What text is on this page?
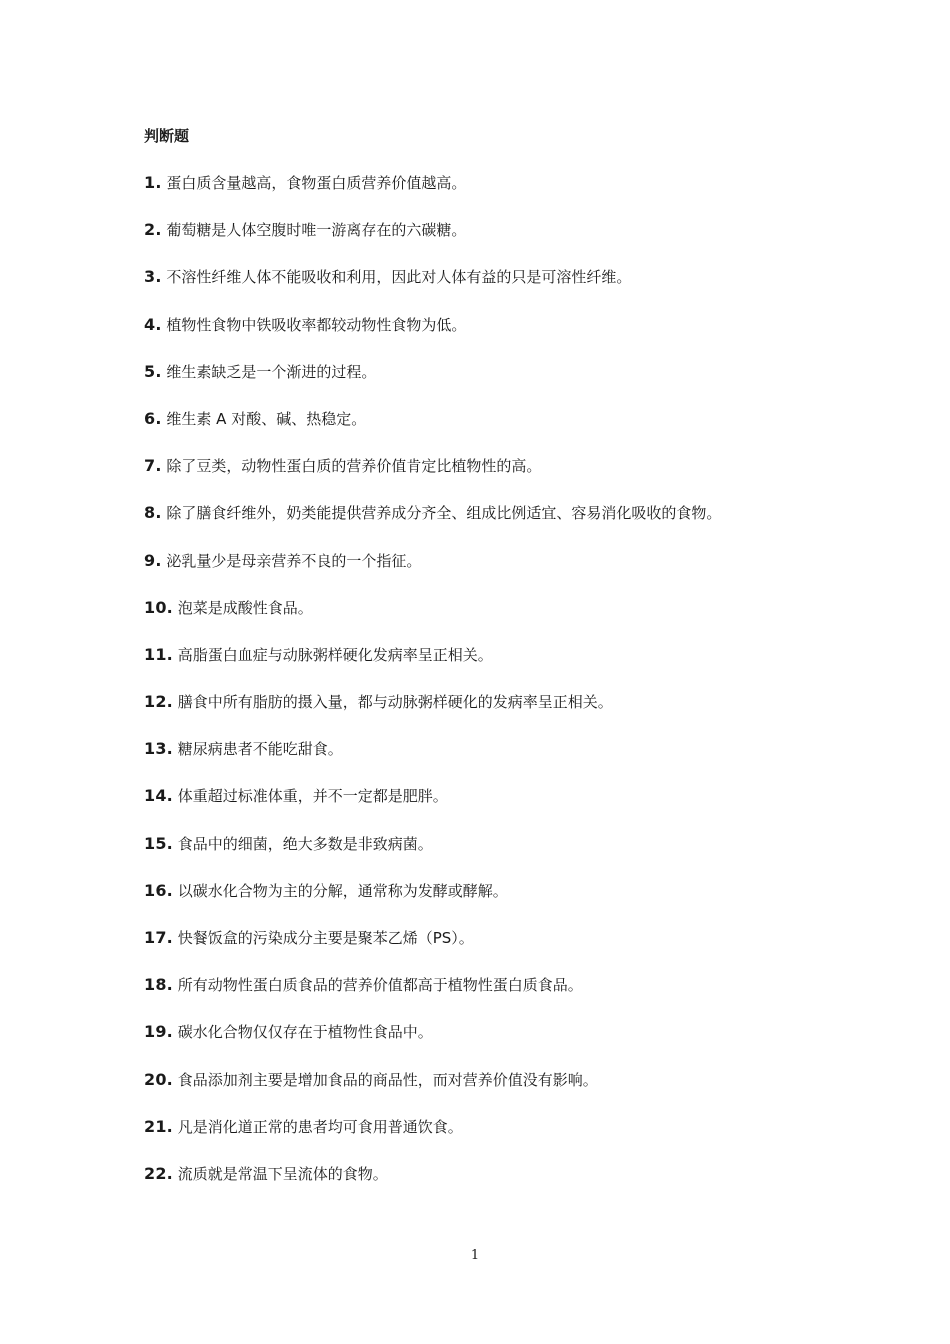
判断题
1. 蛋白质含量越高，食物蛋白质营养价值越高。
2. 葡萄糖是人体空腹时唯一游离存在的六碳糖。
3. 不溶性纤维人体不能吸收和利用，因此对人体有益的只是可溶性纤维。
4. 植物性食物中铁吸收率都较动物性食物为低。
5. 维生素缺乏是一个渐进的过程。
6. 维生素 A 对酸、碱、热稳定。
7. 除了豆类，动物性蛋白质的营养价值肯定比植物性的高。
8. 除了膳食纤维外，奶类能提供营养成分齐全、组成比例适宜、容易消化吸收的食物。
9. 泌乳量少是母亲营养不良的一个指征。
10. 泡菜是成酸性食品。
11. 高脂蛋白血症与动脉粥样硬化发病率呈正相关。
12. 膳食中所有脂肪的摄入量，都与动脉粥样硬化的发病率呈正相关。
13. 糖尿病患者不能吃甜食。
14. 体重超过标准体重，并不一定都是肥胖。
15. 食品中的细菌，绝大多数是非致病菌。
16. 以碳水化合物为主的分解，通常称为发酵或酵解。
17. 快餐饭盒的污染成分主要是聚苯乙烯（PS）。
18. 所有动物性蛋白质食品的营养价值都高于植物性蛋白质食品。
19. 碳水化合物仅仅存在于植物性食品中。
20. 食品添加剂主要是增加食品的商品性，而对营养价值没有影响。
21. 凡是消化道正常的患者均可食用普通饮食。
22. 流质就是常温下呈流体的食物。
1
